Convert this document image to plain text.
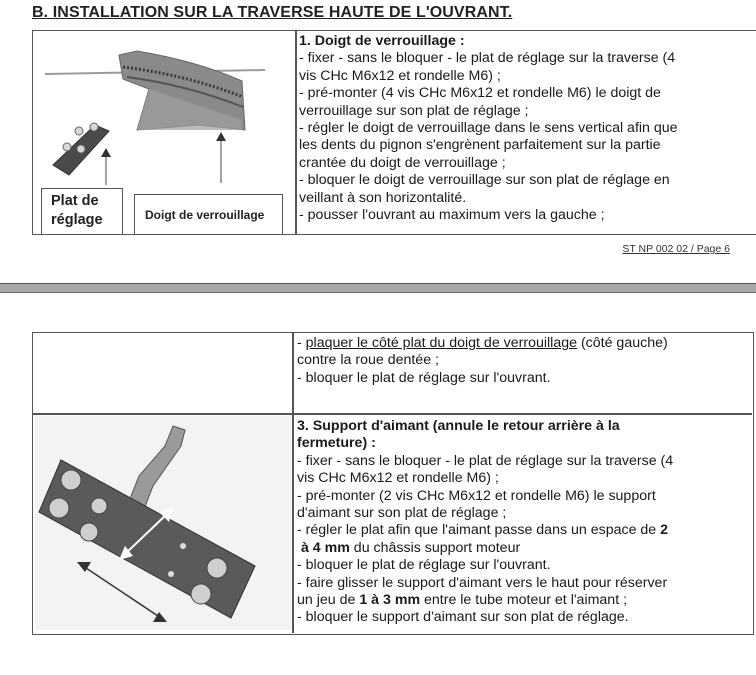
B. INSTALLATION SUR LA TRAVERSE HAUTE DE L'OUVRANT.
Plat de
réglage	Doigt de verrouillage

1. Doigt de verrouillage :

- fixer - sans le bloquer - le plat de réglage sur la traverse (4

vis CHc M6x12 et rondelle M6) ;

- pré-monter (4 vis CHc M6x12 et rondelle M6) le doigt de

verrouillage sur son plat de réglage ;

- régler le doigt de verrouillage dans le sens vertical afin que

les dents du pignon s'engrènent parfaitement sur la partie

crantée du doigt de verrouillage ;

- bloquer le doigt de verrouillage sur son plat de réglage en

veillant à son horizontalité.

- pousser l'ouvrant au maximum vers la gauche ;

ST NP 002 02 / Page 6

- plaquer le côté plat du doigt de verrouillage (côté gauche)

contre la roue dentée ;

- bloquer le plat de réglage sur l'ouvrant.

3. Support d'aimant (annule le retour arrière à la

fermeture) :

- fixer - sans le bloquer - le plat de réglage sur la traverse (4

vis CHc M6x12 et rondelle M6) ;

- pré-monter (2 vis CHc M6x12 et rondelle M6) le support

d'aimant sur son plat de réglage ;

- régler le plat afin que l'aimant passe dans un espace de 2

à 4 mm du châssis support moteur

- bloquer le plat de réglage sur l'ouvrant.

- faire glisser le support d'aimant vers le haut pour réserver

un jeu de 1 à 3 mm entre le tube moteur et l'aimant ;

- bloquer le support d'aimant sur son plat de réglage.
